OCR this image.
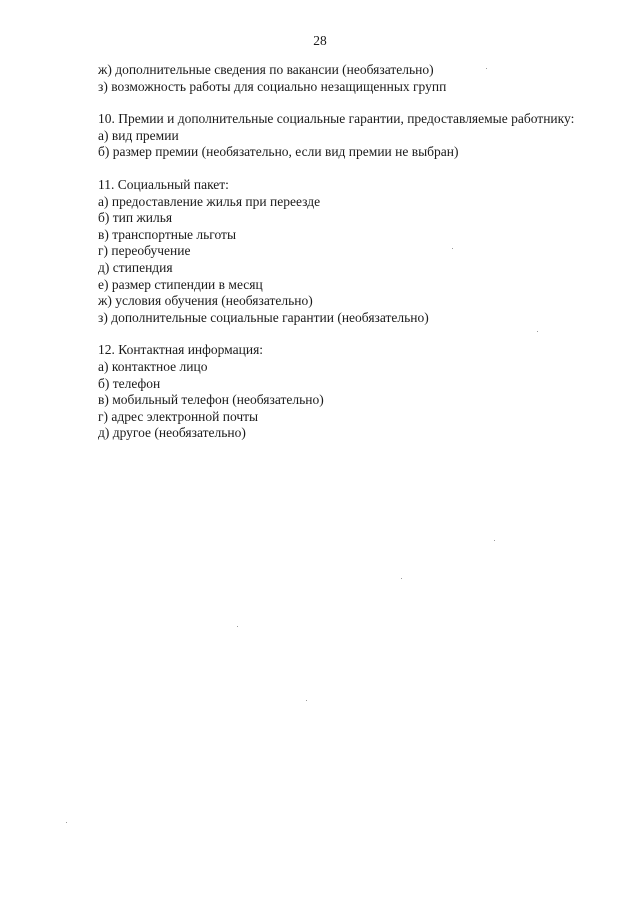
28
ж) дополнительные сведения по вакансии (необязательно)
з) возможность работы для социально незащищенных групп
10. Премии и дополнительные социальные гарантии, предоставляемые работнику:
а) вид премии
б) размер премии (необязательно, если вид премии не выбран)
11. Социальный пакет:
а) предоставление жилья при переезде
б) тип жилья
в) транспортные льготы
г) переобучение
д) стипендия
е) размер стипендии в месяц
ж) условия обучения (необязательно)
з) дополнительные социальные гарантии (необязательно)
12. Контактная информация:
а) контактное лицо
б) телефон
в) мобильный телефон (необязательно)
г) адрес электронной почты
д) другое (необязательно)
